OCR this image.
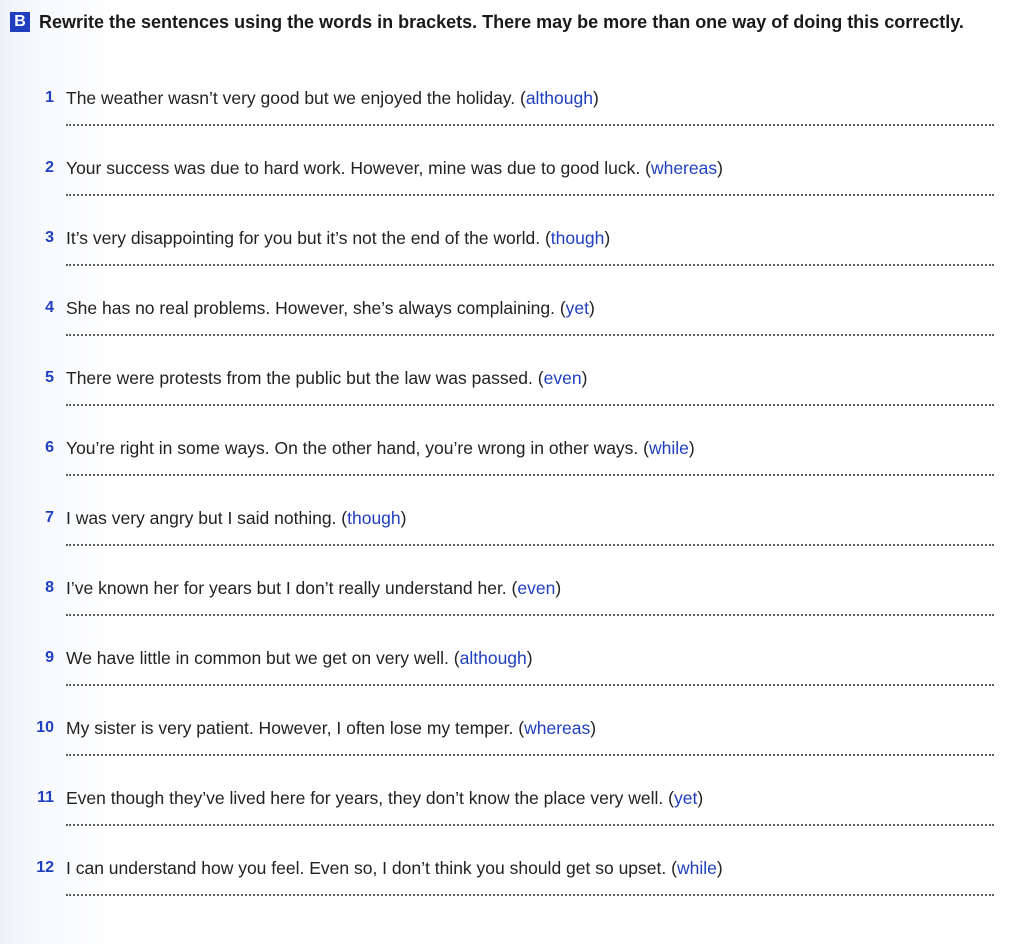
B Rewrite the sentences using the words in brackets. There may be more than one way of doing this correctly.
1 The weather wasn’t very good but we enjoyed the holiday. (although)
2 Your success was due to hard work. However, mine was due to good luck. (whereas)
3 It’s very disappointing for you but it’s not the end of the world. (though)
4 She has no real problems. However, she’s always complaining. (yet)
5 There were protests from the public but the law was passed. (even)
6 You’re right in some ways. On the other hand, you’re wrong in other ways. (while)
7 I was very angry but I said nothing. (though)
8 I’ve known her for years but I don’t really understand her. (even)
9 We have little in common but we get on very well. (although)
10 My sister is very patient. However, I often lose my temper. (whereas)
11 Even though they’ve lived here for years, they don’t know the place very well. (yet)
12 I can understand how you feel. Even so, I don’t think you should get so upset. (while)
